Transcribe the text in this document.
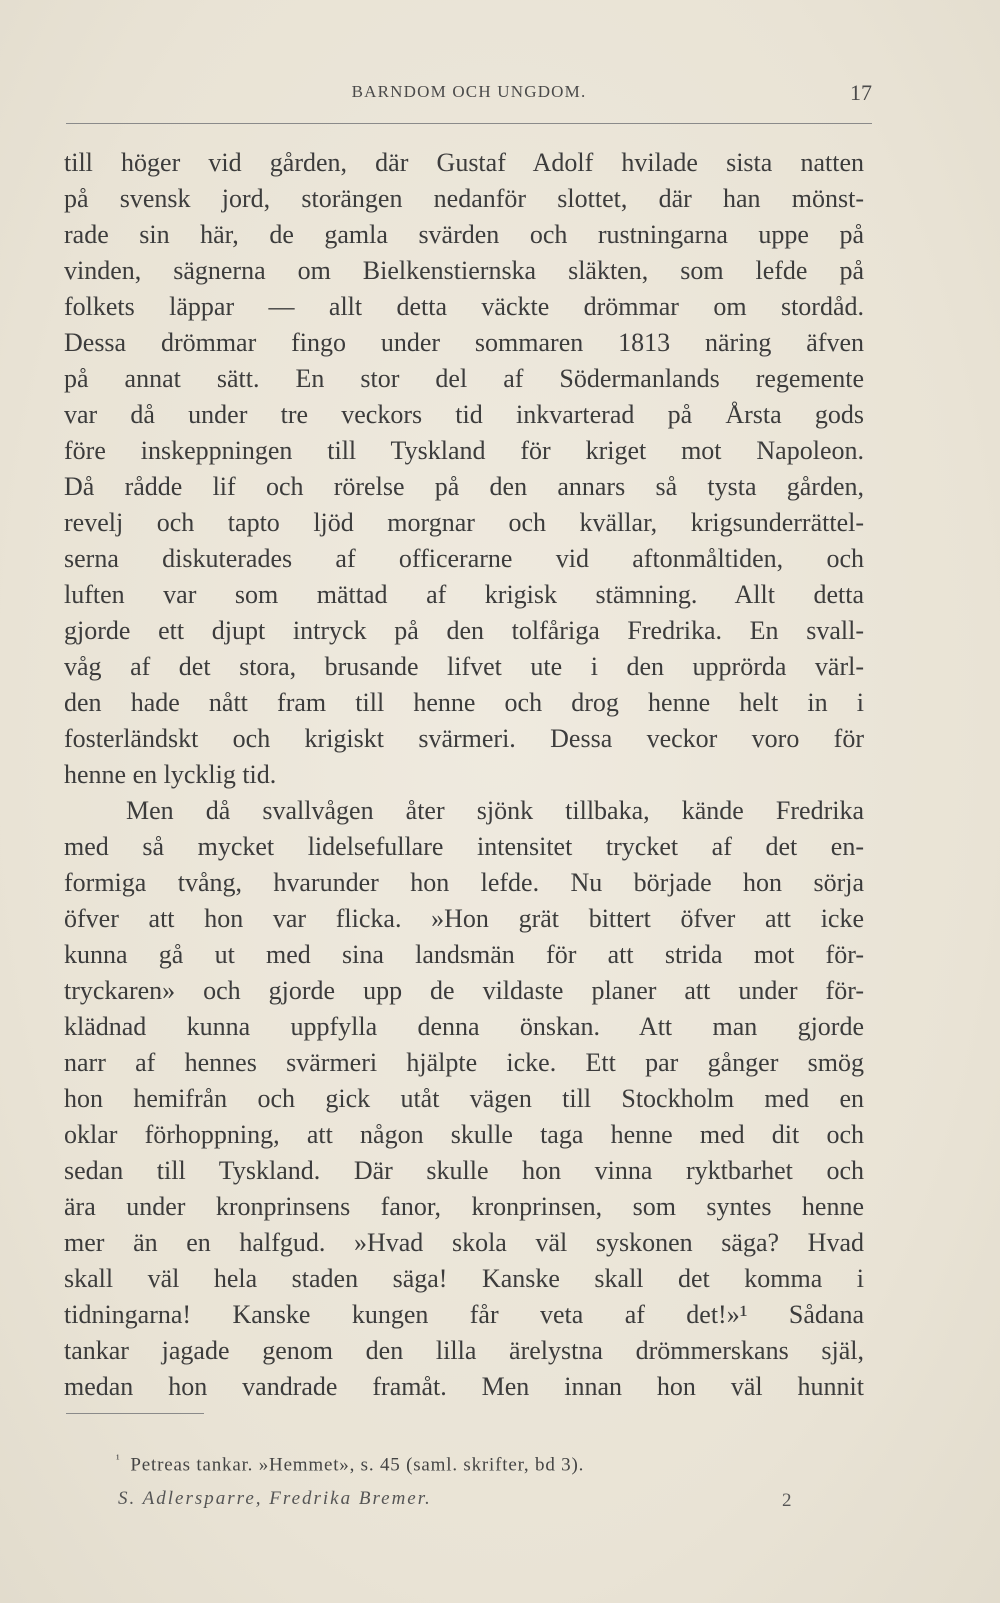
BARNDOM OCH UNGDOM.	17
till höger vid gården, där Gustaf Adolf hvilade sista natten
på svensk jord, storängen nedanför slottet, där han mönst-
rade sin här, de gamla svärden och rustningarna uppe på
vinden, sägnerna om Bielkenstiernska släkten, som lefde på
folkets läppar — allt detta väckte drömmar om stordåd.
Dessa drömmar fingo under sommaren 1813 näring äfven
på annat sätt. En stor del af Södermanlands regemente
var då under tre veckors tid inkvarterad på Årsta gods
före inskeppningen till Tyskland för kriget mot Napoleon.
Då rådde lif och rörelse på den annars så tysta gården,
revelj och tapto ljöd morgnar och kvällar, krigsunderrättel-
serna diskuterades af officerarne vid aftonmåltiden, och
luften var som mättad af krigisk stämning. Allt detta
gjorde ett djupt intryck på den tolfåriga Fredrika. En svall-
våg af det stora, brusande lifvet ute i den upprörda värl-
den hade nått fram till henne och drog henne helt in i
fosterländskt och krigiskt svärmeri. Dessa veckor voro för
henne en lycklig tid.
Men då svallvågen åter sjönk tillbaka, kände Fredrika
med så mycket lidelsefullare intensitet trycket af det en-
formiga tvång, hvarunder hon lefde. Nu började hon sörja
öfver att hon var flicka. »Hon grät bittert öfver att icke
kunna gå ut med sina landsmän för att strida mot för-
tryckaren» och gjorde upp de vildaste planer att under för-
klädnad kunna uppfylla denna önskan. Att man gjorde
narr af hennes svärmeri hjälpte icke. Ett par gånger smög
hon hemifrån och gick utåt vägen till Stockholm med en
oklar förhoppning, att någon skulle taga henne med dit och
sedan till Tyskland. Där skulle hon vinna ryktbarhet och
ära under kronprinsens fanor, kronprinsen, som syntes henne
mer än en halfgud. »Hvad skola väl syskonen säga? Hvad
skall väl hela staden säga! Kanske skall det komma i
tidningarna! Kanske kungen får veta af det!»¹ Sådana
tankar jagade genom den lilla ärelystna drömmerskans själ,
medan hon vandrade framåt. Men innan hon väl hunnit
$^{^1}$ Petreas tankar. »Hemmet», s. 45 (saml. skrifter, bd 3).
S. Adlersparre, Fredrika Bremer.	2
